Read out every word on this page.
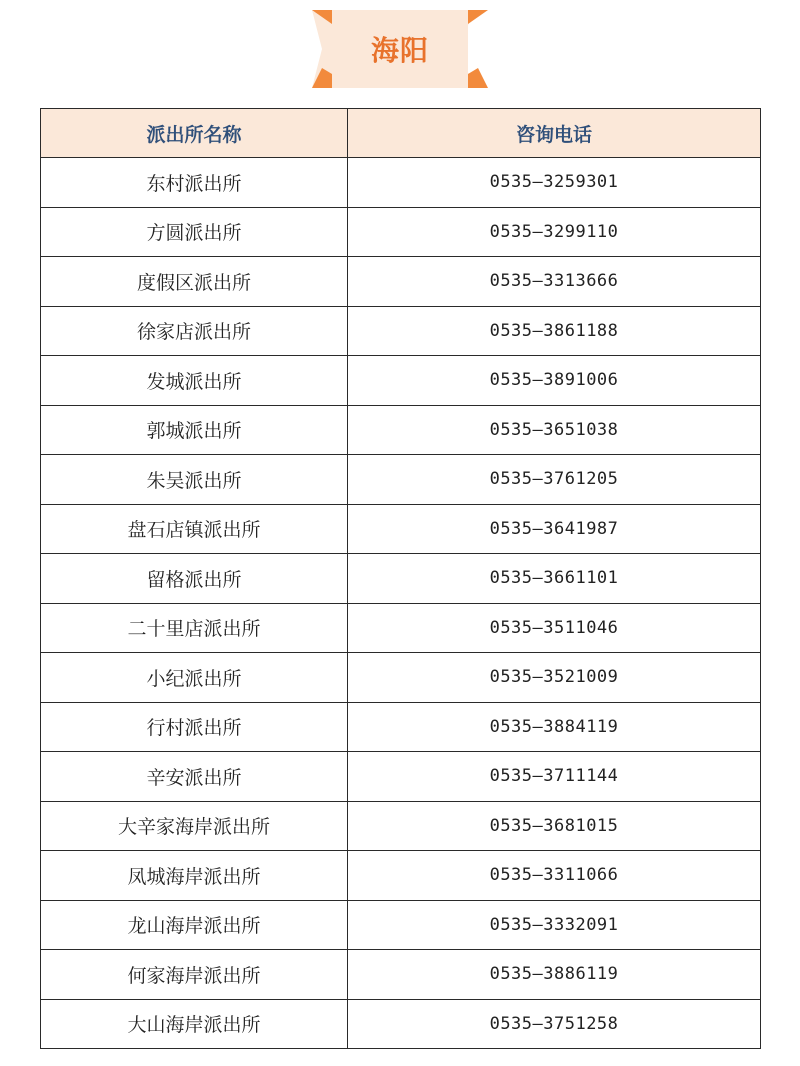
海阳
派出所名称	咨询电话
东村派出所	0535—3259301
方圆派出所	0535—3299110
度假区派出所	0535—3313666
徐家店派出所	0535—3861188
发城派出所	0535—3891006
郭城派出所	0535—3651038
朱吴派出所	0535—3761205
盘石店镇派出所	0535—3641987
留格派出所	0535—3661101
二十里店派出所	0535—3511046
小纪派出所	0535—3521009
行村派出所	0535—3884119
辛安派出所	0535—3711144
大辛家海岸派出所	0535—3681015
凤城海岸派出所	0535—3311066
龙山海岸派出所	0535—3332091
何家海岸派出所	0535—3886119
大山海岸派出所	0535—3751258
